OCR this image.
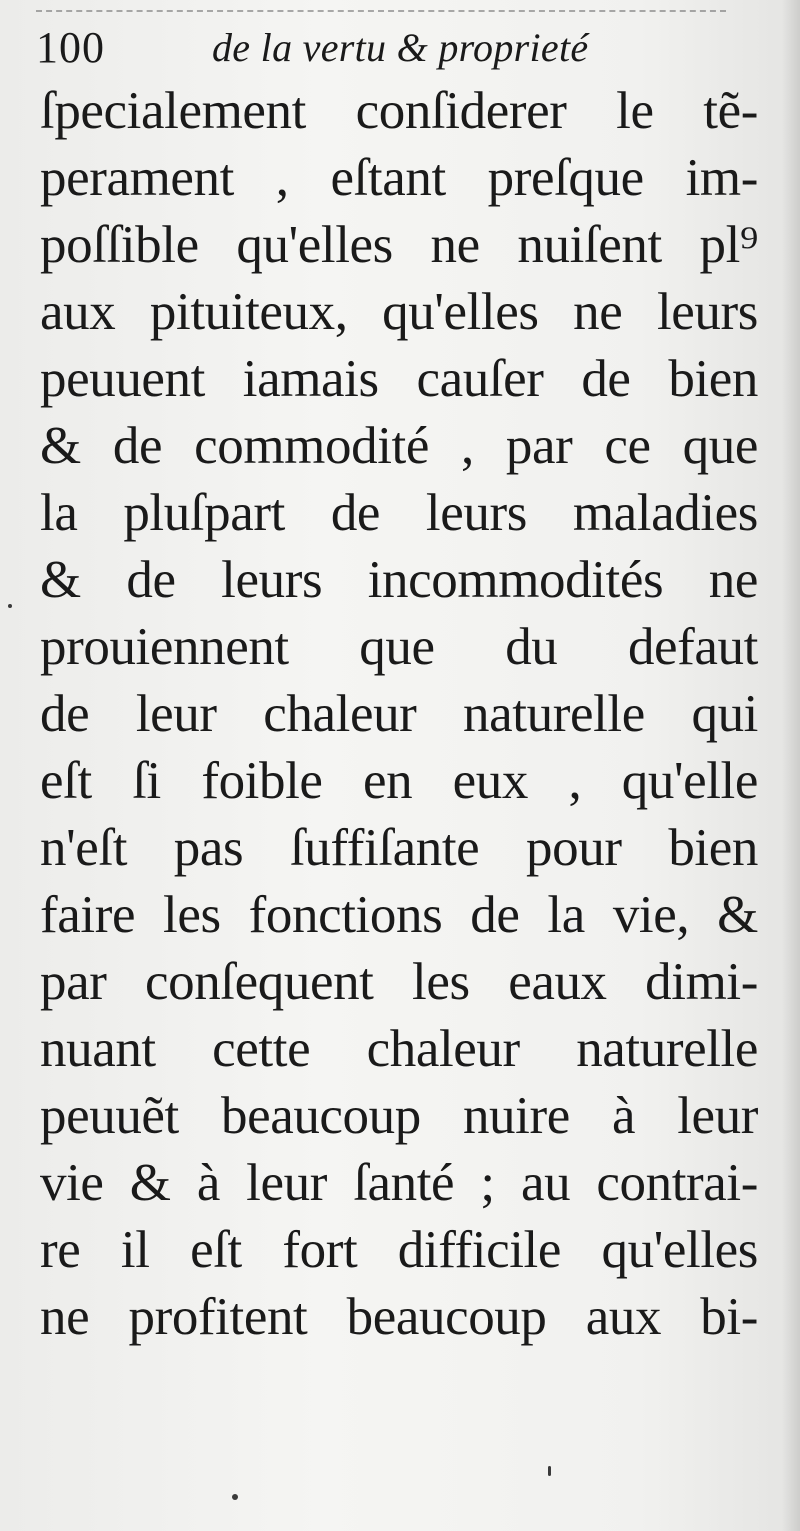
100	de la vertu & proprieté
ſpecialement conſiderer le tẽ-
perament , eſtant preſque im-
poſſible qu'elles ne nuiſent pl⁹
aux pituiteux, qu'elles ne leurs
peuuent iamais cauſer de bien
& de commodité , par ce que
la pluſpart de leurs maladies
& de leurs incommodités ne
prouiennent que du defaut
de leur chaleur naturelle qui
eſt ſi foible en eux , qu'elle
n'eſt pas ſuffiſante pour bien
faire les fonctions de la vie, &
par conſequent les eaux dimi-
nuant cette chaleur naturelle
peuuẽt beaucoup nuire à leur
vie & à leur ſanté ; au contrai-
re il eſt fort difficile qu'elles
ne profitent beaucoup aux bi-
